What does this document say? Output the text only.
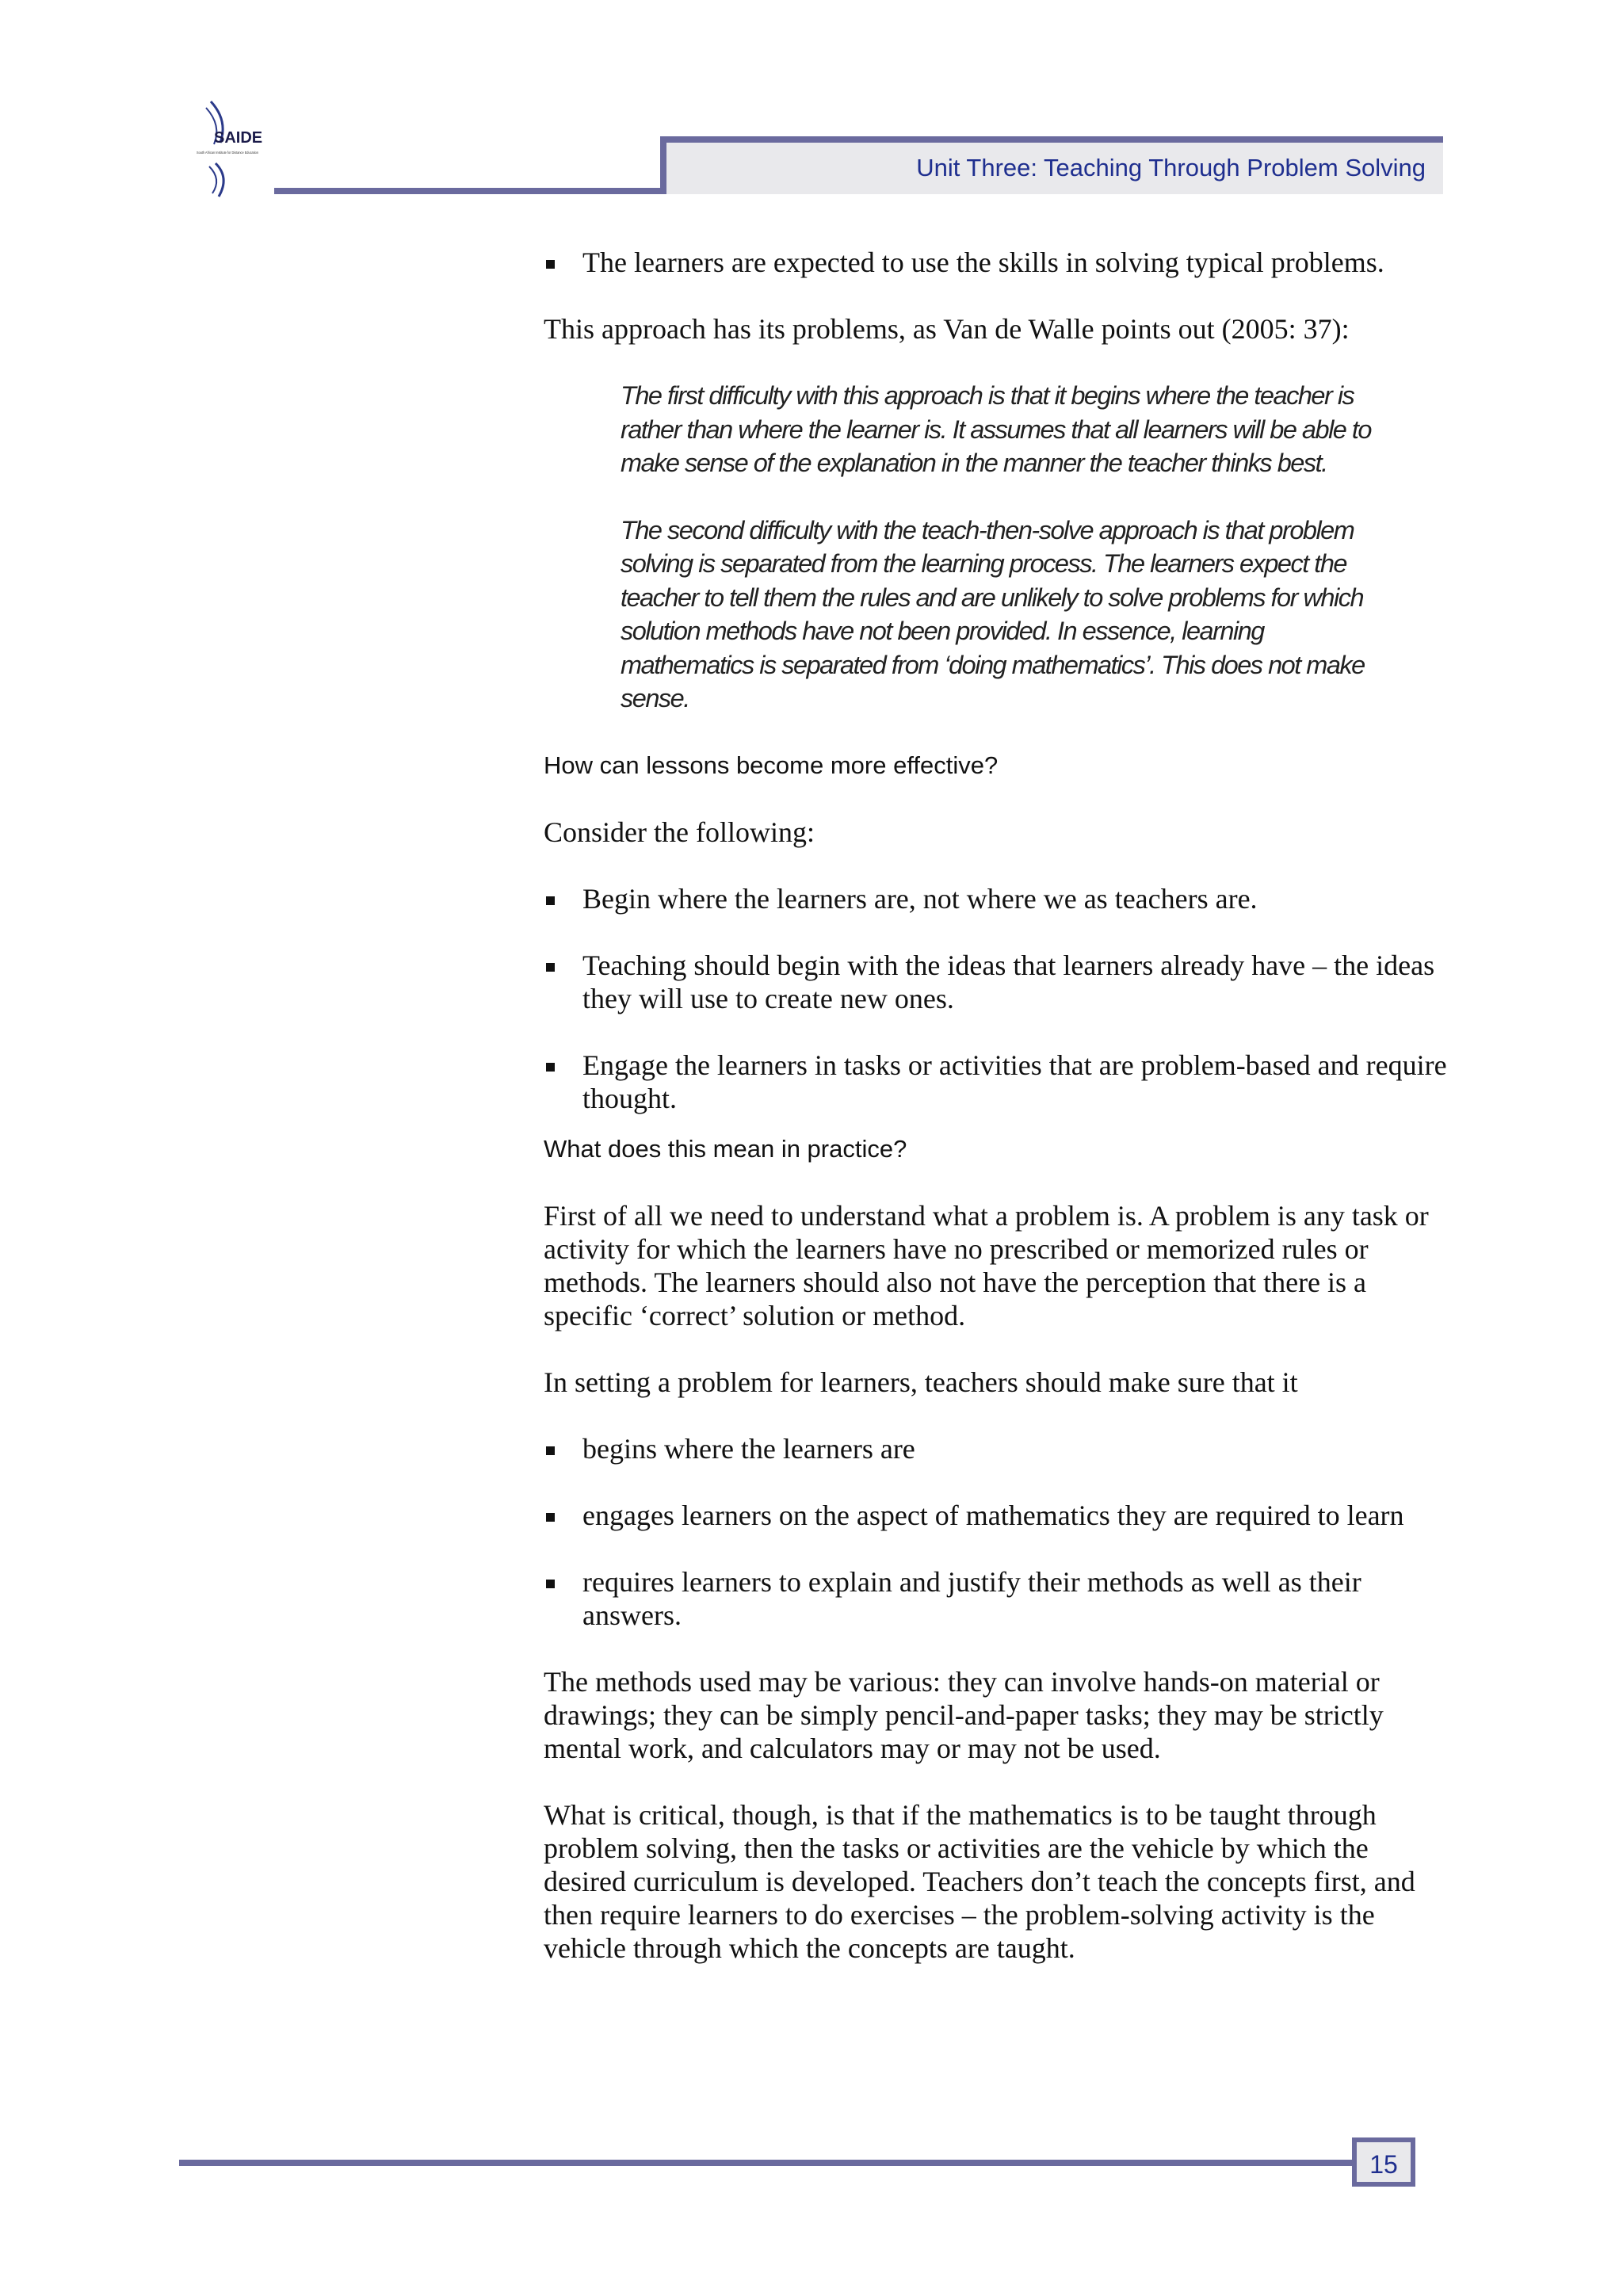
SAIDE
South African Institute for Distance Education
Unit Three: Teaching Through Problem Solving
The learners are expected to use the skills in solving typical problems.

This approach has its problems, as Van de Walle points out (2005: 37):

The first difficulty with this approach is that it begins where the teacher is rather than where the learner is. It assumes that all learners will be able to make sense of the explanation in the manner the teacher thinks best.

The second difficulty with the teach-then-solve approach is that problem solving is separated from the learning process. The learners expect the teacher to tell them the rules and are unlikely to solve problems for which solution methods have not been provided. In essence, learning mathematics is separated from ‘doing mathematics’. This does not make sense.

How can lessons become more effective?

Consider the following:

Begin where the learners are, not where we as teachers are.
Teaching should begin with the ideas that learners already have – the ideas they will use to create new ones.
Engage the learners in tasks or activities that are problem-based and require thought.
What does this mean in practice?

First of all we need to understand what a problem is. A problem is any task or activity for which the learners have no prescribed or memorized rules or methods. The learners should also not have the perception that there is a specific ‘correct’ solution or method.

In setting a problem for learners, teachers should make sure that it

begins where the learners are
engages learners on the aspect of mathematics they are required to learn
requires learners to explain and justify their methods as well as their answers.

The methods used may be various: they can involve hands-on material or drawings; they can be simply pencil-and-paper tasks; they may be strictly mental work, and calculators may or may not be used.

What is critical, though, is that if the mathematics is to be taught through problem solving, then the tasks or activities are the vehicle by which the desired curriculum is developed. Teachers don’t teach the concepts first, and then require learners to do exercises – the problem-solving activity is the vehicle through which the concepts are taught.

15
